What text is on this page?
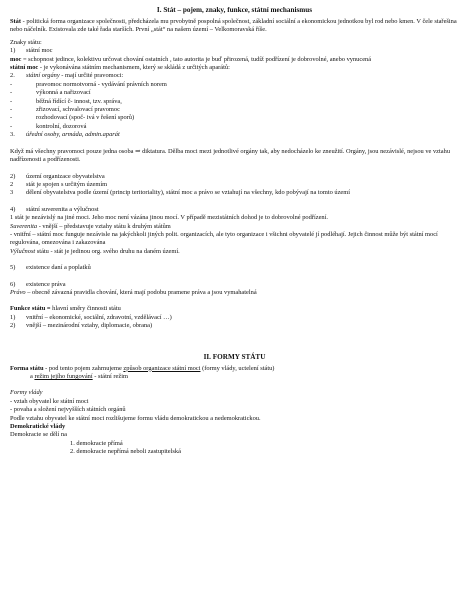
I. Stát – pojem, znaky, funkce, státní mechanismus

Stát - politická forma organizace společnosti, předcházela mu prvobytně pospolná společnost, základní sociální a ekonomickou jednotkou byl rod nebo kmen. V čele stařešina nebo náčelník. Existovala zde také řada starších. První „stát“ na našem území – Velkomoravská říše.

Znaky státu:

1)	státní moc

moc = schopnost jedince, kolektivu určovat chování ostatních , tato autorita je buď přirozená, tudíž podřízení je dobrovolné, anebo vynucená

státní moc - je vykonávána státním mechanismem, který se skládá z určitých aparátů:

2.	státní orgány - mají určité pravomoci:
-	pravomoc normotvorná - vydávání právních norem
-	výkonná a nařizovací
-	běžná řídící č- innost, tzv. správa,
-	zřizovací, schvalovací pravomoc
-	rozhodovací (spoč- ivá v řešení sporů)
-	kontrolní, dozorová
3.	úřední osoby, armáda, admin.aparát

Když má všechny pravomoci pouze jedna osoba ⇒ diktatura. Dělba moci mezi jednotlivé orgány tak, aby nedocházelo ke zneužití. Orgány, jsou nezávislé, nejsou ve vztahu nadřízenosti a podřízenosti.

2)	území organizace obyvatelstva
2	stát je spojen s určitým územím
3	dělení obyvatelstva podle území (princip teritoriality), státní moc a právo se vztahují na všechny, kdo pobývají na tomto území
4)	státní suverenita a výlučnost

1 stát je nezávislý na jiné moci. Jeho moc není vázána jinou mocí. V případě mezistátních dohod je to dobrovolné podřízení.

Suverenita - vnější – představuje vztahy státu k druhým státům

- vnitřní – státní moc funguje nezávisle na jakýchkoli jiných polit. organizacích, ale tyto organizace i všichni obyvatelé jí podléhají. Jejich činnost může být státní mocí regulována, omezována i zakazována

Výlučnost státu - stát je jedinou org. svého druhu na daném území.

5)	existence daní a poplatků
6)	existence práva

Právo – obecně závazná pravidla chování, která mají podobu pramene práva a jsou vymahatelná

Funkce státu = hlavní směry činnosti státu

1)	vnitřní – ekonomické, sociální, zdravotní, vzdělávací …)
2)	vnější – mezinárodní vztahy, diplomacie, obrana)
II. FORMY STÁTU

Forma státu - pod tento pojem zahrnujeme způsob organizace státní moci (formy vlády, uctelení státu)

a režim jejího fungování - státní režim

Formy vlády

- vztah obyvatel ke státní moci

- povaha a složení nejvyšších státních orgánů

Podle vztahu obyvatel ke státní moci rozlišujeme formu vládu demokratickou a nedemokratickou.

Demokratické vlády

Demokracie se dělí na

1. demokracie přímá

2. demokracie nepřímá neboli zastupitelská
